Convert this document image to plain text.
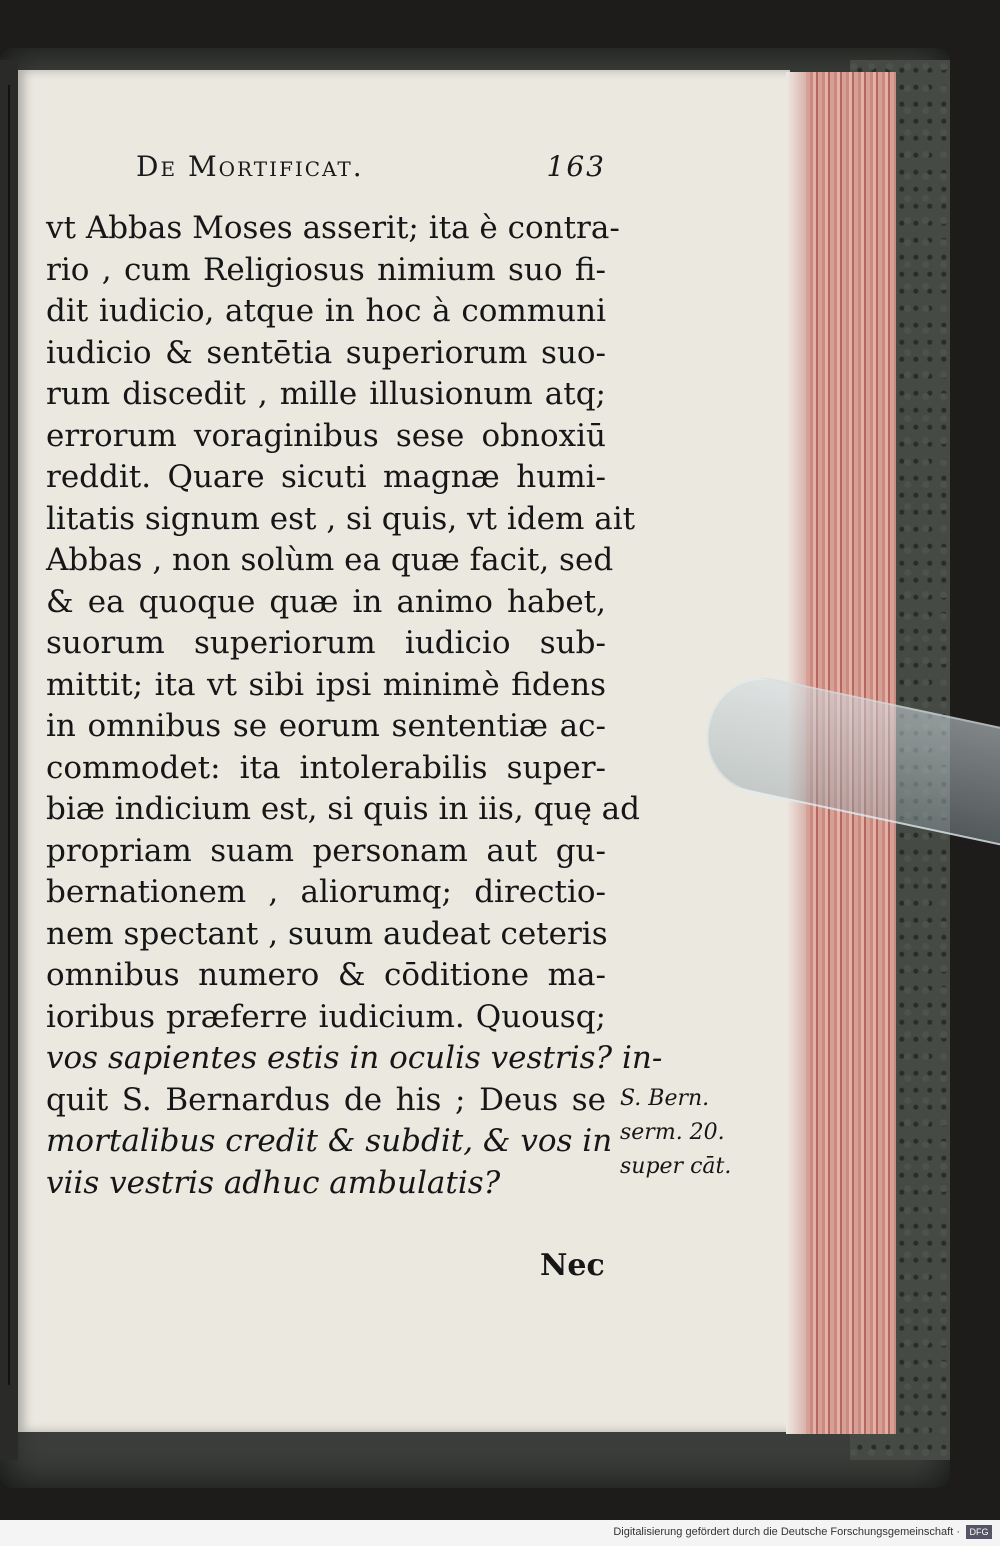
De Mortificat.	163
vt Abbas Moses asserit; ita è contra-
rio , cum Religiosus nimium suo fi-
dit iudicio, atque in hoc à communi
iudicio & sentētia superiorum suo-
rum discedit , mille illusionum atq;
errorum voraginibus sese obnoxiū
reddit. Quare sicuti magnæ humi-
litatis signum est , si quis, vt idem ait
Abbas , non solùm ea quæ facit, sed
& ea quoque quæ in animo habet,
suorum superiorum iudicio sub-
mittit; ita vt sibi ipsi minimè fidens
in omnibus se eorum sententiæ ac-
commodet: ita intolerabilis super-
biæ indicium est, si quis in iis, quę ad
propriam suam personam aut gu-
bernationem , aliorumq; directio-
nem spectant , suum audeat ceteris
omnibus numero & cōditione ma-
ioribus præferre iudicium. Quousq;
vos sapientes estis in oculis vestris? in-
quit S. Bernardus de his ; Deus se
mortalibus credit & subdit, & vos in
viis vestris adhuc ambulatis?
Nec
S. Bern.
serm. 20.
super cāt.
Digitalisierung gefördert durch die Deutsche Forschungsgemeinschaft ·	DFG
